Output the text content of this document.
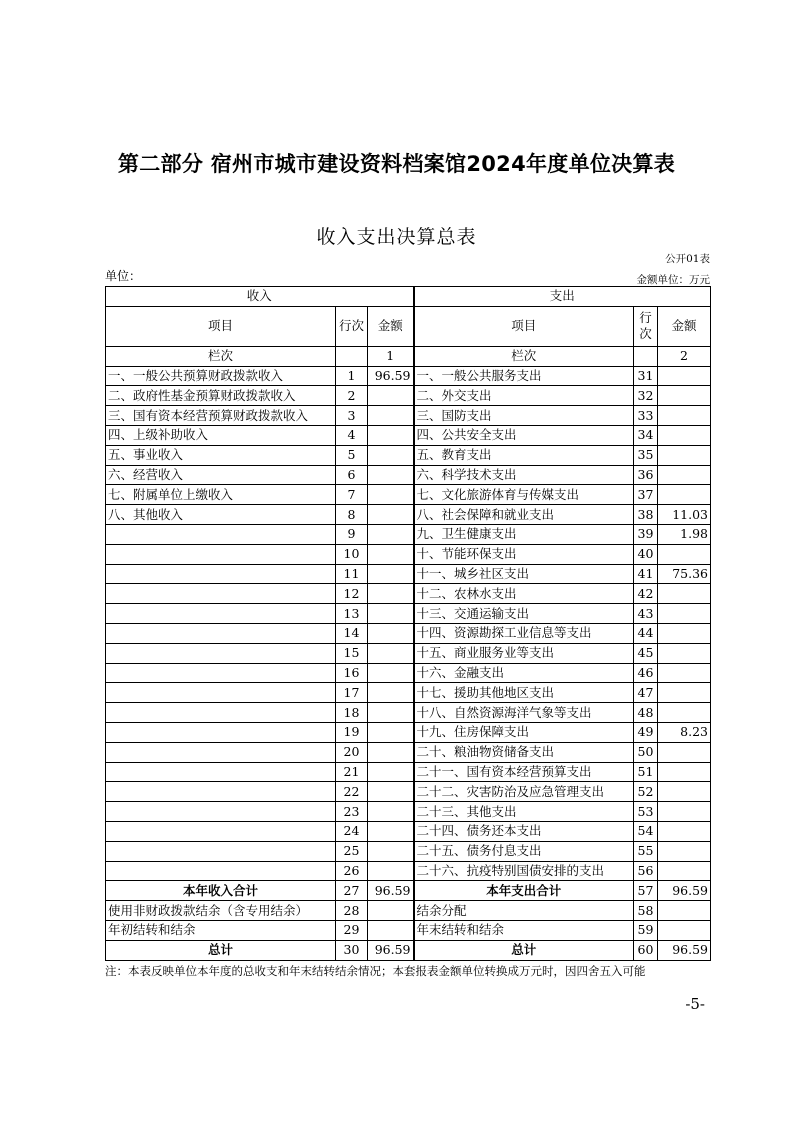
第二部分 宿州市城市建设资料档案馆2024年度单位决算表
收入支出决算总表
公开01表
单位：	金额单位：万元
收入			支出		
项目	行次	金额	项目	行次	金额
栏次		1	栏次		2
一、一般公共预算财政拨款收入	1	96.59	一、一般公共服务支出	31	
二、政府性基金预算财政拨款收入	2		二、外交支出	32	
三、国有资本经营预算财政拨款收入	3		三、国防支出	33	
四、上级补助收入	4		四、公共安全支出	34	
五、事业收入	5		五、教育支出	35	
六、经营收入	6		六、科学技术支出	36	
七、附属单位上缴收入	7		七、文化旅游体育与传媒支出	37	
八、其他收入	8		八、社会保障和就业支出	38	11.03
	9		九、卫生健康支出	39	1.98
	10		十、节能环保支出	40	
	11		十一、城乡社区支出	41	75.36
	12		十二、农林水支出	42	
	13		十三、交通运输支出	43	
	14		十四、资源勘探工业信息等支出	44	
	15		十五、商业服务业等支出	45	
	16		十六、金融支出	46	
	17		十七、援助其他地区支出	47	
	18		十八、自然资源海洋气象等支出	48	
	19		十九、住房保障支出	49	8.23
	20		二十、粮油物资储备支出	50	
	21		二十一、国有资本经营预算支出	51	
	22		二十二、灾害防治及应急管理支出	52	
	23		二十三、其他支出	53	
	24		二十四、债务还本支出	54	
	25		二十五、债务付息支出	55	
	26		二十六、抗疫特别国债安排的支出	56	
本年收入合计	27	96.59	本年支出合计	57	96.59
使用非财政拨款结余（含专用结余）	28		结余分配	58	
年初结转和结余	29		年末结转和结余	59	
总计	30	96.59	总计	60	96.59
注：本表反映单位本年度的总收支和年末结转结余情况；本套报表金额单位转换成万元时，因四舍五入可能
-5-
